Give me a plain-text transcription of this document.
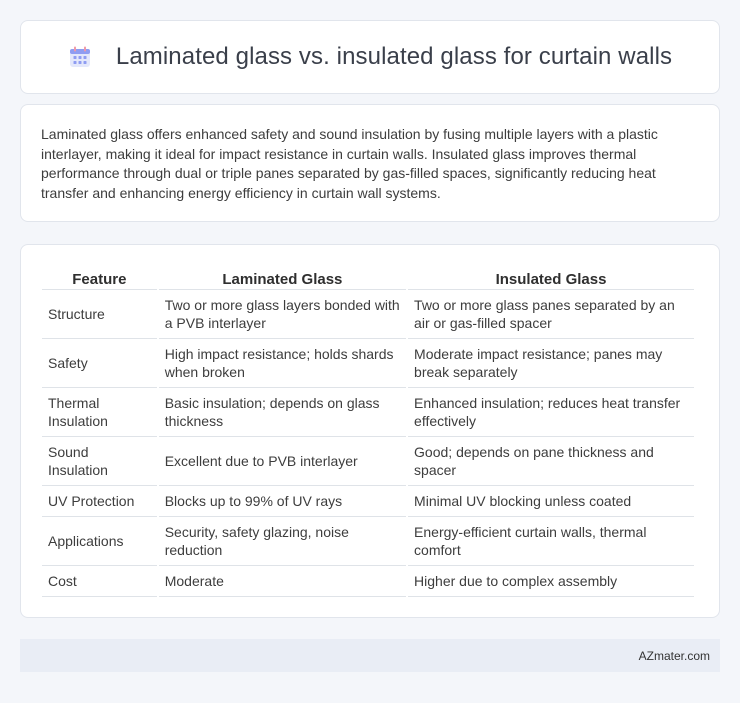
Laminated glass vs. insulated glass for curtain walls

Laminated glass offers enhanced safety and sound insulation by fusing multiple layers with a plastic interlayer, making it ideal for impact resistance in curtain walls. Insulated glass improves thermal performance through dual or triple panes separated by gas-filled spaces, significantly reducing heat transfer and enhancing energy efficiency in curtain wall systems.

Feature	Laminated Glass	Insulated Glass
Structure	Two or more glass layers bonded with a PVB interlayer	Two or more glass panes separated by an air or gas-filled spacer
Safety	High impact resistance; holds shards when broken	Moderate impact resistance; panes may break separately
Thermal Insulation	Basic insulation; depends on glass thickness	Enhanced insulation; reduces heat transfer effectively
Sound Insulation	Excellent due to PVB interlayer	Good; depends on pane thickness and spacer
UV Protection	Blocks up to 99% of UV rays	Minimal UV blocking unless coated
Applications	Security, safety glazing, noise reduction	Energy-efficient curtain walls, thermal comfort
Cost	Moderate	Higher due to complex assembly
AZmater.com
